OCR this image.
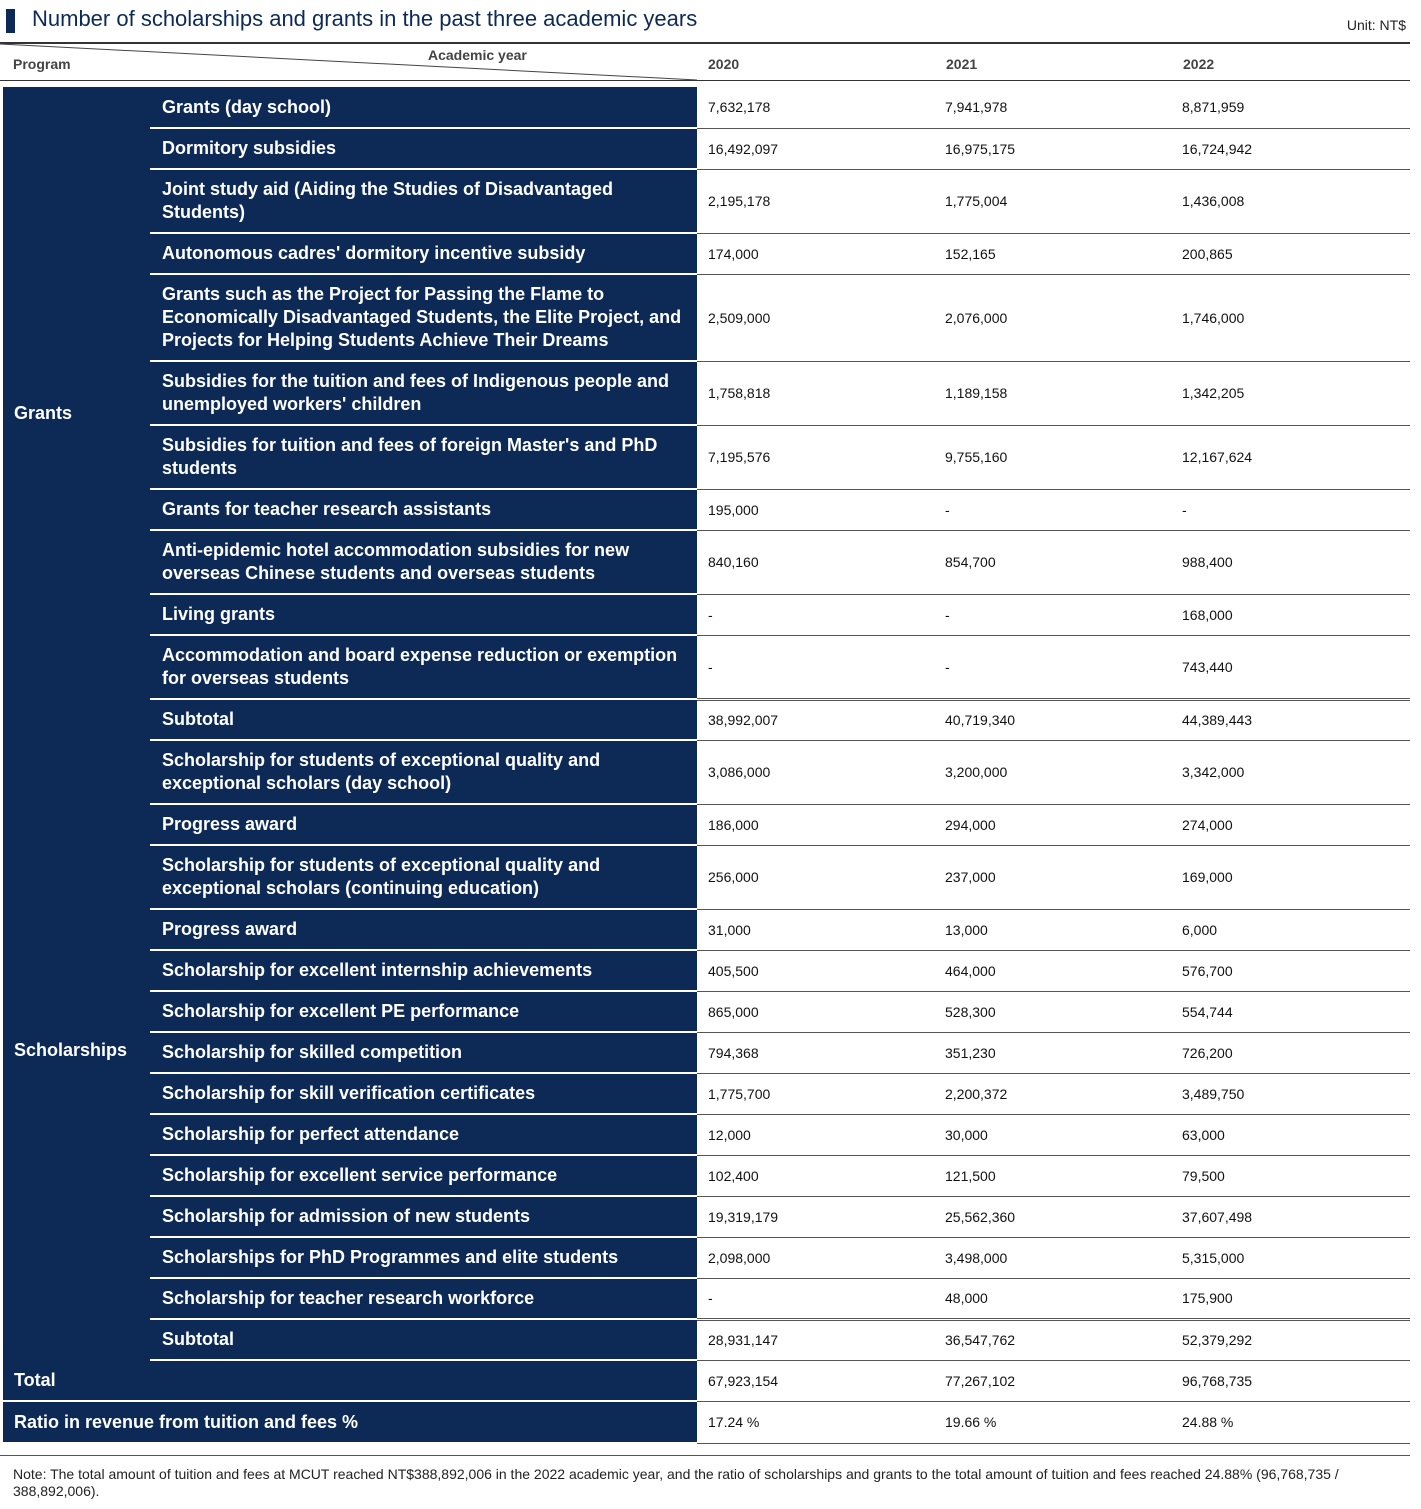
Number of scholarships and grants in the past three academic years	Unit: NT$
Program
Academic year
2020	2021	2022
Grants		Grants (day school)	7,632,178	7,941,978	8,871,959
		Dormitory subsidies	16,492,097	16,975,175	16,724,942
		Joint study aid (Aiding the Studies of Disadvantaged Students)	2,195,178	1,775,004	1,436,008
		Autonomous cadres' dormitory incentive subsidy	174,000	152,165	200,865
		Grants such as the Project for Passing the Flame to Economically Disadvantaged Students, the Elite Project, and Projects for Helping Students Achieve Their Dreams	2,509,000	2,076,000	1,746,000
		Subsidies for the tuition and fees of Indigenous people and unemployed workers' children	1,758,818	1,189,158	1,342,205
		Subsidies for tuition and fees of foreign Master's and PhD students	7,195,576	9,755,160	12,167,624
		Grants for teacher research assistants	195,000	-	-
		Anti-epidemic hotel accommodation subsidies for new overseas Chinese students and overseas students	840,160	854,700	988,400
		Living grants	-	-	168,000
		Accommodation and board expense reduction or exemption for overseas students	-	-	743,440
		Subtotal	38,992,007	40,719,340	44,389,443
Scholarships		Scholarship for students of exceptional quality and exceptional scholars (day school)	3,086,000	3,200,000	3,342,000
		Progress award	186,000	294,000	274,000
		Scholarship for students of exceptional quality and exceptional scholars (continuing education)	256,000	237,000	169,000
		Progress award	31,000	13,000	6,000
		Scholarship for excellent internship achievements	405,500	464,000	576,700
		Scholarship for excellent PE performance	865,000	528,300	554,744
		Scholarship for skilled competition	794,368	351,230	726,200
		Scholarship for skill verification certificates	1,775,700	2,200,372	3,489,750
		Scholarship for perfect attendance	12,000	30,000	63,000
		Scholarship for excellent service performance	102,400	121,500	79,500
		Scholarship for admission of new students	19,319,179	25,562,360	37,607,498
		Scholarships for PhD Programmes and elite students	2,098,000	3,498,000	5,315,000
		Scholarship for teacher research workforce	-	48,000	175,900
		Subtotal	28,931,147	36,547,762	52,379,292
Total			67,923,154	77,267,102	96,768,735
Ratio in revenue from tuition and fees %			17.24 %	19.66 %	24.88 %
Note: The total amount of tuition and fees at MCUT reached NT$388,892,006 in the 2022 academic year, and the ratio of scholarships and grants to the total amount of tuition and fees reached 24.88% (96,768,735 / 388,892,006).
